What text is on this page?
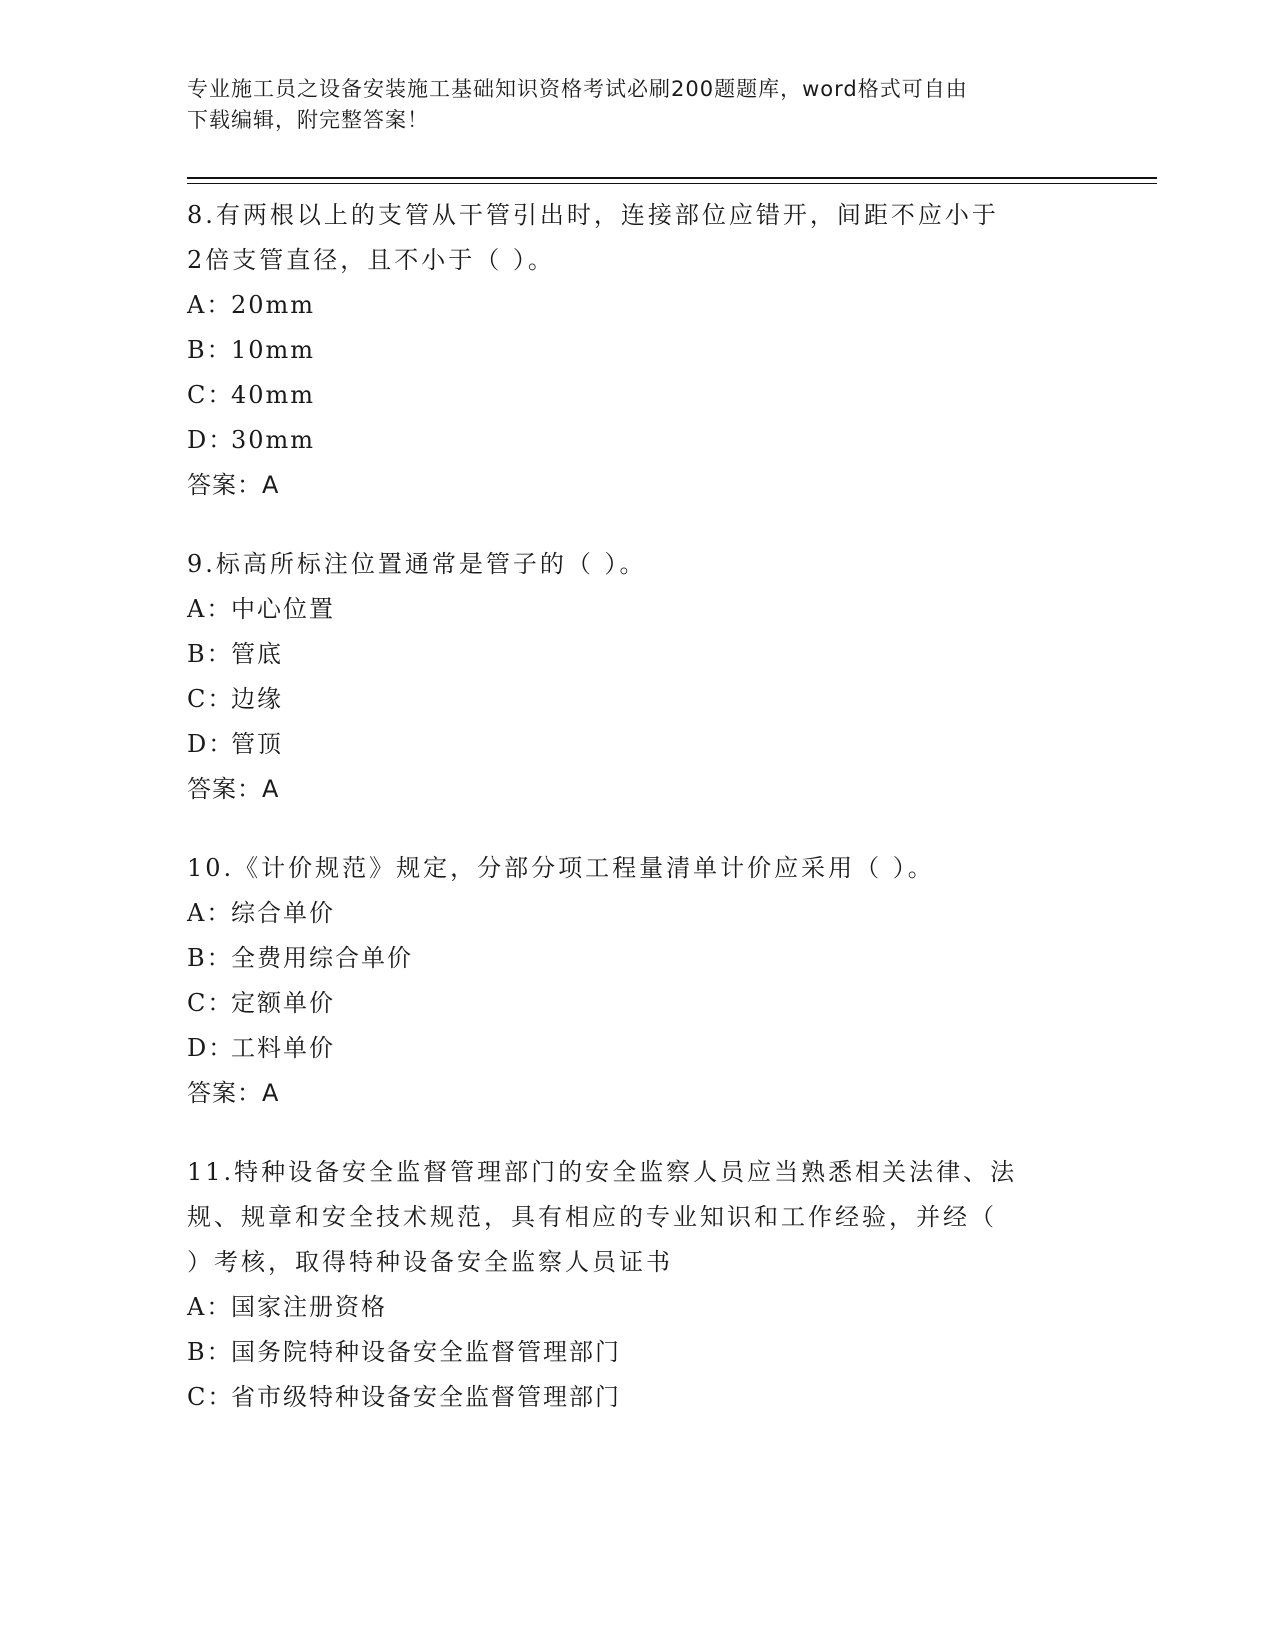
专业施工员之设备安装施工基础知识资格考试必刷200题题库，word格式可自由
下载编辑，附完整答案！
8.有两根以上的支管从干管引出时，连接部位应错开，间距不应小于
2倍支管直径，且不小于（ ）。
A：
20mm
B：
10mm
C：
40mm
D：
30mm
答案：A
9.标高所标注位置通常是管子的（ ）。
A：
中心位置
B：
管底
C：
边缘
D：
管顶
答案：A
10.《计价规范》规定，分部分项工程量清单计价应采用（ ）。
A：
综合单价
B：
全费用综合单价
C：
定额单价
D：
工料单价
答案：A
11.特种设备安全监督管理部门的安全监察人员应当熟悉相关法律、法
规、规章和安全技术规范，具有相应的专业知识和工作经验，并经（
）考核，取得特种设备安全监察人员证书
A：
国家注册资格
B：
国务院特种设备安全监督管理部门
C：
省市级特种设备安全监督管理部门
